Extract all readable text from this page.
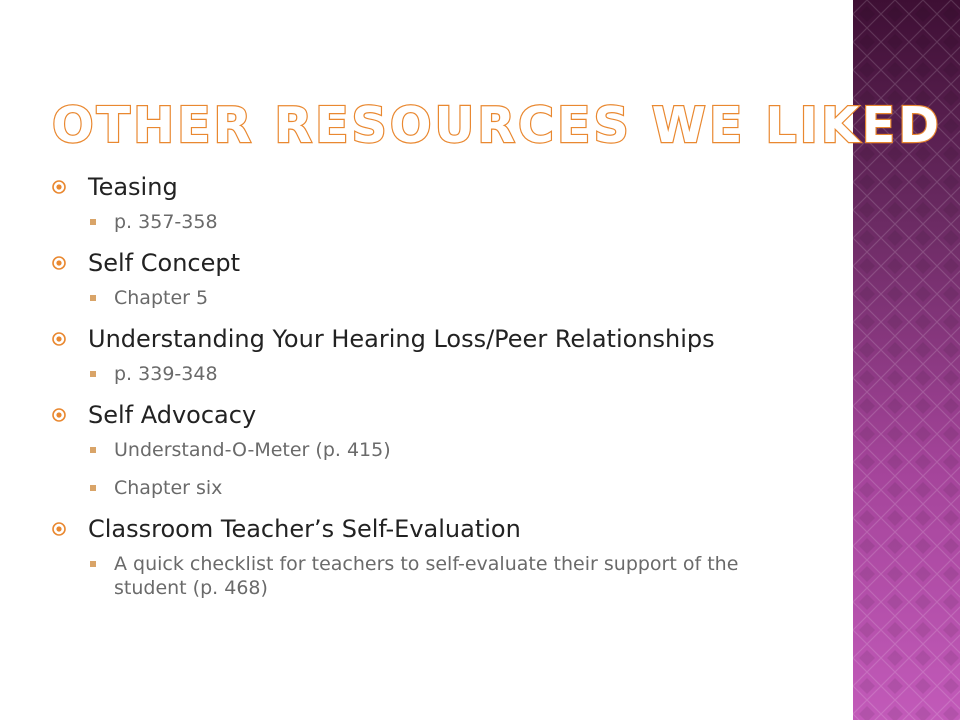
OTHER RESOURCES WE LIKED
Teasing
p. 357-358
Self Concept
Chapter 5
Understanding Your Hearing Loss/Peer Relationships
p. 339-348
Self Advocacy
Understand-O-Meter (p. 415)
Chapter six
Classroom Teacher’s Self-Evaluation
A quick checklist for teachers to self-evaluate their support of the student (p. 468)
